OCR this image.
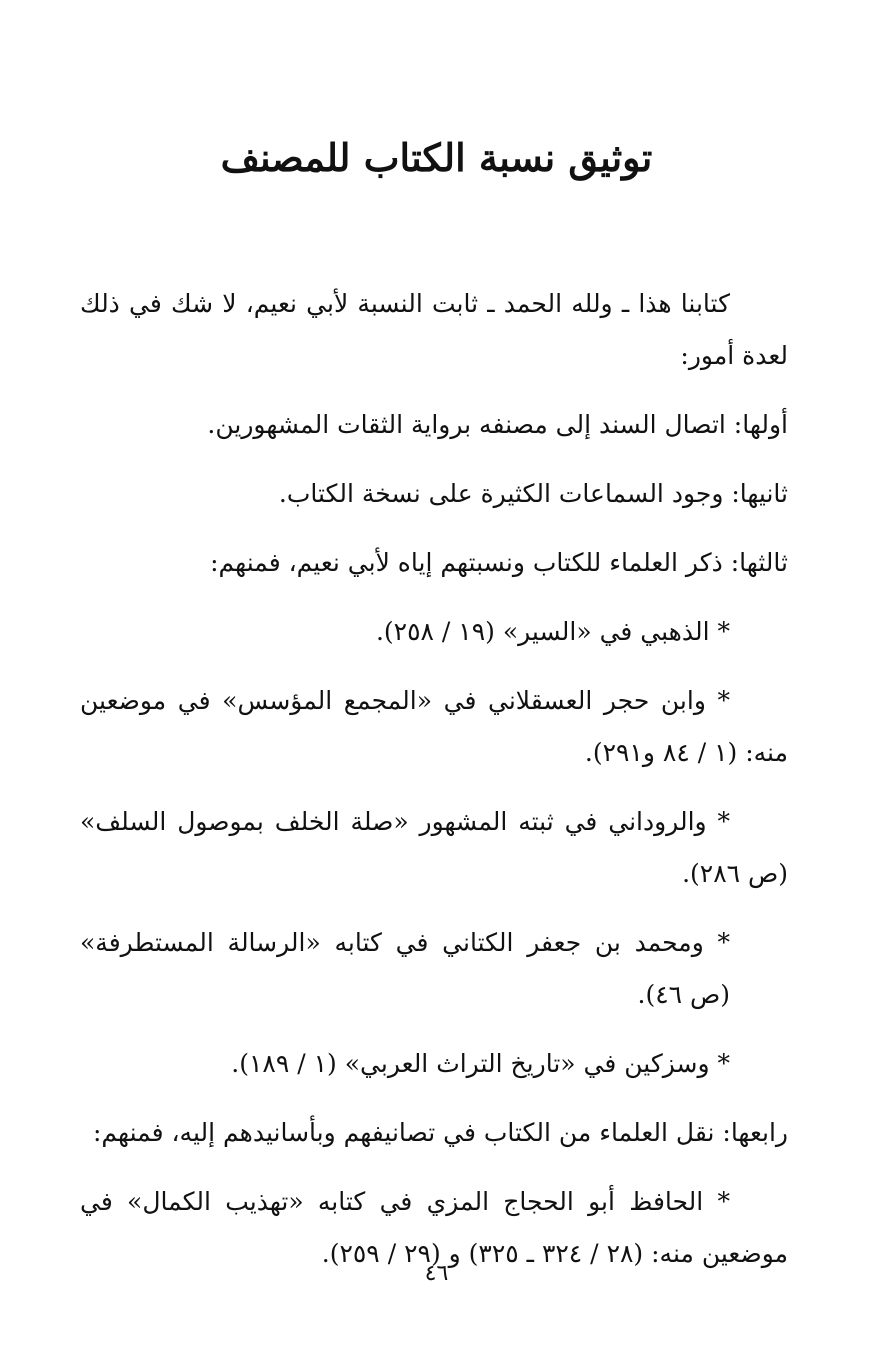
توثيق نسبة الكتاب للمصنف

كتابنا هذا ـ ولله الحمد ـ ثابت النسبة لأبي نعيم، لا شك في ذلك لعدة أمور:

أولها: اتصال السند إلى مصنفه برواية الثقات المشهورين.

ثانيها: وجود السماعات الكثيرة على نسخة الكتاب.

ثالثها: ذكر العلماء للكتاب ونسبتهم إياه لأبي نعيم، فمنهم:

* الذهبي في «السير» (١٩ / ٢٥٨).

* وابن حجر العسقلاني في «المجمع المؤسس» في موضعين منه: (١ / ٨٤ و٢٩١).

* والروداني في ثبته المشهور «صلة الخلف بموصول السلف» (ص ٢٨٦).

* ومحمد بن جعفر الكتاني في كتابه «الرسالة المستطرفة» (ص ٤٦).

* وسزكين في «تاريخ التراث العربي» (١ / ١٨٩).

رابعها: نقل العلماء من الكتاب في تصانيفهم وبأسانيدهم إليه، فمنهم:

* الحافظ أبو الحجاج المزي في كتابه «تهذيب الكمال» في موضعين منه: (٢٨ / ٣٢٤ ـ ٣٢٥) و (٢٩ / ٢٥٩).

٤٦
